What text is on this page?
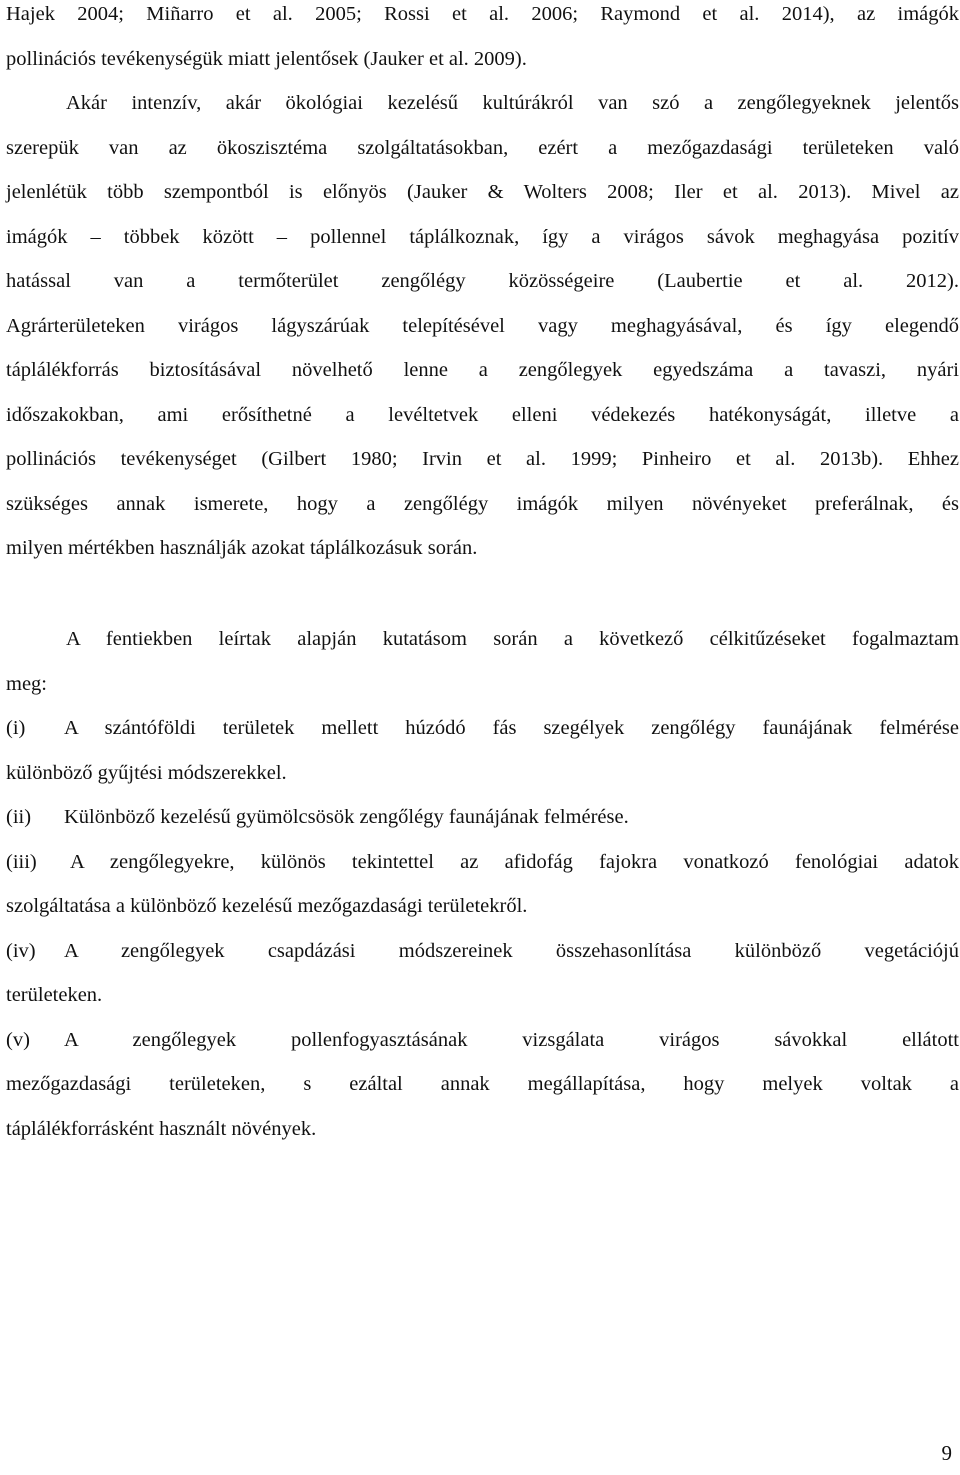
Hajek 2004; Miñarro et al. 2005; Rossi et al. 2006; Raymond et al. 2014), az imágók
pollinációs tevékenységük miatt jelentősek (Jauker et al. 2009).
Akár intenzív, akár ökológiai kezelésű kultúrákról van szó a zengőlegyeknek jelentős
szerepük van az ökoszisztéma szolgáltatásokban, ezért a mezőgazdasági területeken való
jelenlétük több szempontból is előnyös (Jauker & Wolters 2008; Iler et al. 2013). Mivel az
imágók – többek között – pollennel táplálkoznak, így a virágos sávok meghagyása pozitív
hatással van a termőterület zengőlégy közösségeire (Laubertie et al. 2012).
Agrárterületeken virágos lágyszárúak telepítésével vagy meghagyásával, és így elegendő
táplálékforrás biztosításával növelhető lenne a zengőlegyek egyedszáma a tavaszi, nyári
időszakokban, ami erősíthetné a levéltetvek elleni védekezés hatékonyságát, illetve a
pollinációs tevékenységet (Gilbert 1980; Irvin et al. 1999; Pinheiro et al. 2013b). Ehhez
szükséges annak ismerete, hogy a zengőlégy imágók milyen növényeket preferálnak, és
milyen mértékben használják azokat táplálkozásuk során.
A fentiekben leírtak alapján kutatásom során a következő célkitűzéseket fogalmaztam
meg:
(i) A szántóföldi területek mellett húzódó fás szegélyek zengőlégy faunájának felmérése
különböző gyűjtési módszerekkel.
(ii) Különböző kezelésű gyümölcsösök zengőlégy faunájának felmérése.
(iii) A zengőlegyekre, különös tekintettel az afidofág fajokra vonatkozó fenológiai adatok
szolgáltatása a különböző kezelésű mezőgazdasági területekről.
(iv) A zengőlegyek csapdázási módszereinek összehasonlítása különböző vegetációjú
területeken.
(v) A zengőlegyek pollenfogyasztásának vizsgálata virágos sávokkal ellátott
mezőgazdasági területeken, s ezáltal annak megállapítása, hogy melyek voltak a
táplálékforrásként használt növények.
9
